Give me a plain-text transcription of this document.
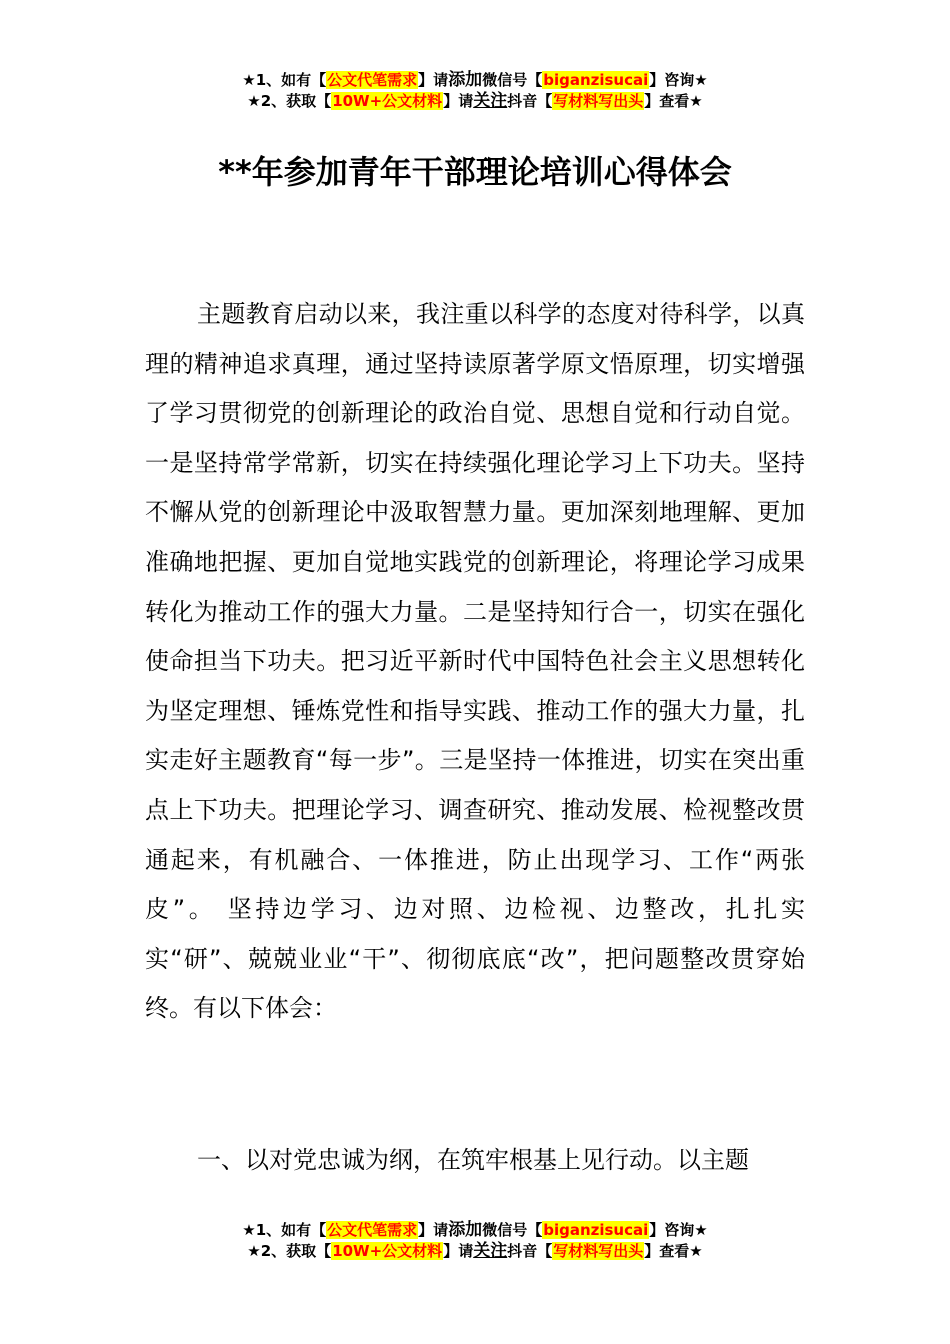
★1、如有【公文代笔需求】请添加微信号【biganzisucai】咨询★
★2、获取【10W+公文材料】请关注抖音【写材料写出头】查看★
**年参加青年干部理论培训心得体会

主题教育启动以来，我注重以科学的态度对待科学，以真理的精神追求真理，通过坚持读原著学原文悟原理，切实增强了学习贯彻党的创新理论的政治自觉、思想自觉和行动自觉。一是坚持常学常新，切实在持续强化理论学习上下功夫。坚持不懈从党的创新理论中汲取智慧力量。更加深刻地理解、更加准确地把握、更加自觉地实践党的创新理论，将理论学习成果转化为推动工作的强大力量。二是坚持知行合一，切实在强化使命担当下功夫。把习近平新时代中国特色社会主义思想转化为坚定理想、锤炼党性和指导实践、推动工作的强大力量，扎实走好主题教育“每一步”。三是坚持一体推进，切实在突出重点上下功夫。把理论学习、调查研究、推动发展、检视整改贯通起来，有机融合、一体推进，防止出现学习、工作“两张皮”。 坚持边学习、边对照、边检视、边整改，扎扎实实“研”、兢兢业业“干”、彻彻底底“改”，把问题整改贯穿始终。有以下体会：

一、以对党忠诚为纲，在筑牢根基上见行动。以主题

★1、如有【公文代笔需求】请添加微信号【biganzisucai】咨询★
★2、获取【10W+公文材料】请关注抖音【写材料写出头】查看★
